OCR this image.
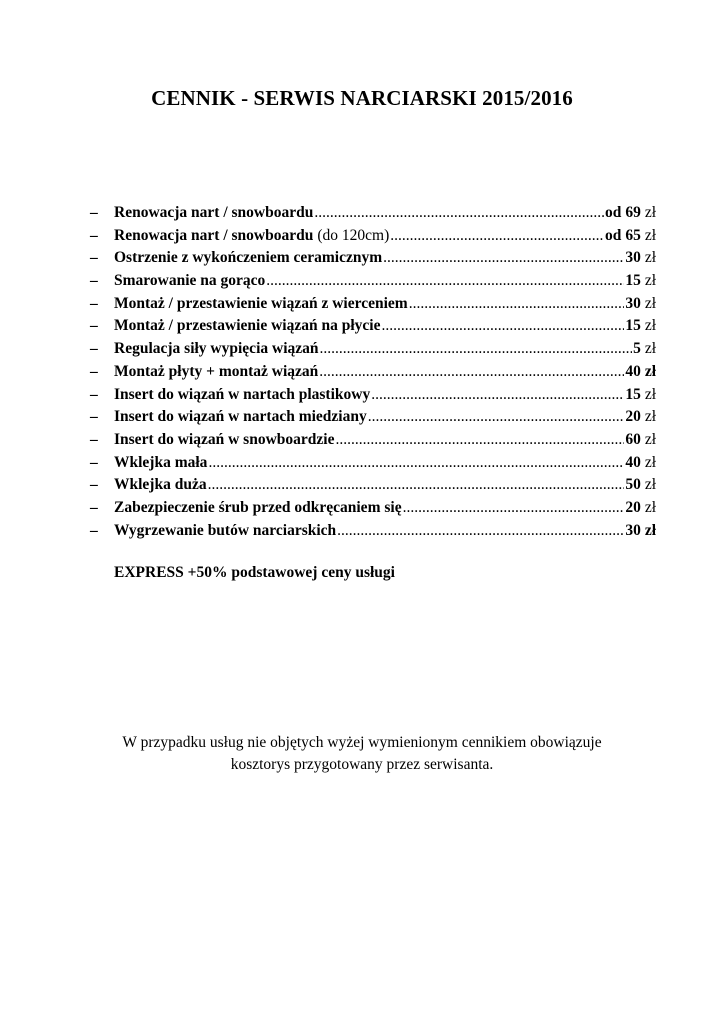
CENNIK - SERWIS NARCIARSKI 2015/2016
–	Renowacja nart / snowboardu .....	od 69 zł
–	Renowacja nart / snowboardu (do 120cm) .....	od 65 zł
–	Ostrzenie z wykończeniem ceramicznym .....	30 zł
–	Smarowanie na gorąco .....	15 zł
–	Montaż / przestawienie wiązań z wierceniem .....	30 zł
–	Montaż / przestawienie wiązań na płycie .....	15 zł
–	Regulacja siły wypięcia wiązań .....	5 zł
–	Montaż płyty + montaż wiązań .....	40 zł
–	Insert do wiązań w nartach plastikowy .....	15 zł
–	Insert do wiązań w nartach miedziany .....	20 zł
–	Insert do wiązań w snowboardzie .....	60 zł
–	Wklejka mała .....	40 zł
–	Wklejka duża .....	50 zł
–	Zabezpieczenie śrub przed odkręcaniem się .....	20 zł
–	Wygrzewanie butów narciarskich .....	30 zł
EXPRESS +50% podstawowej ceny usługi
W przypadku usług nie objętych wyżej wymienionym cennikiem obowiązuje
kosztorys przygotowany przez serwisanta.
